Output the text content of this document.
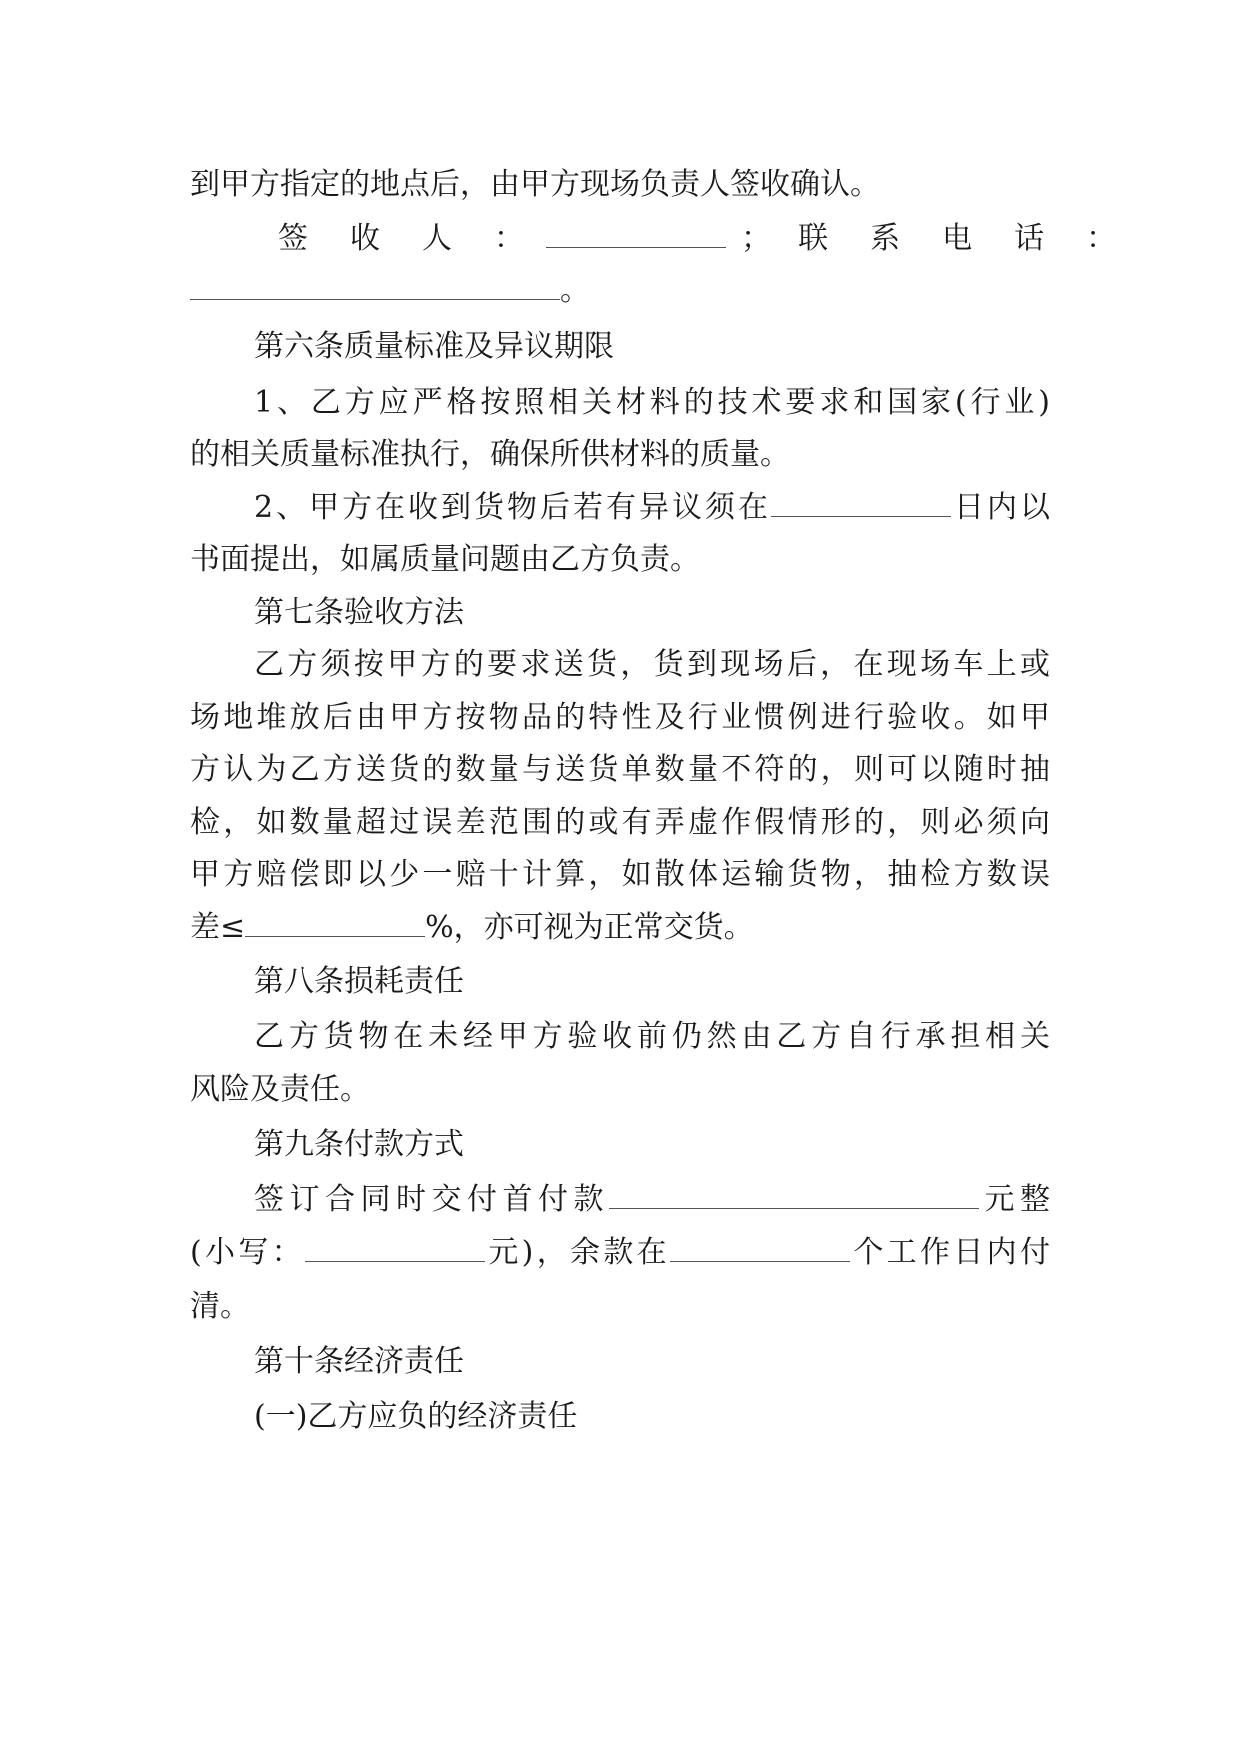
到甲方指定的地点后，由甲方现场负责人签收确认。
签　收　人　：	；　联　系　电　话　：
。
第六条质量标准及异议期限
1、乙方应严格按照相关材料的技术要求和国家(行业)
的相关质量标准执行，确保所供材料的质量。
2、甲方在收到货物后若有异议须在	日内以
书面提出，如属质量问题由乙方负责。
第七条验收方法
乙方须按甲方的要求送货，货到现场后，在现场车上或
场地堆放后由甲方按物品的特性及行业惯例进行验收。如甲
方认为乙方送货的数量与送货单数量不符的，则可以随时抽
检，如数量超过误差范围的或有弄虚作假情形的，则必须向
甲方赔偿即以少一赔十计算，如散体运输货物，抽检方数误
差≤	%，亦可视为正常交货。
第八条损耗责任
乙方货物在未经甲方验收前仍然由乙方自行承担相关
风险及责任。
第九条付款方式
签订合同时交付首付款	元整
(小写：	元)，余款在	个工作日内付
清。
第十条经济责任
(一)乙方应负的经济责任
